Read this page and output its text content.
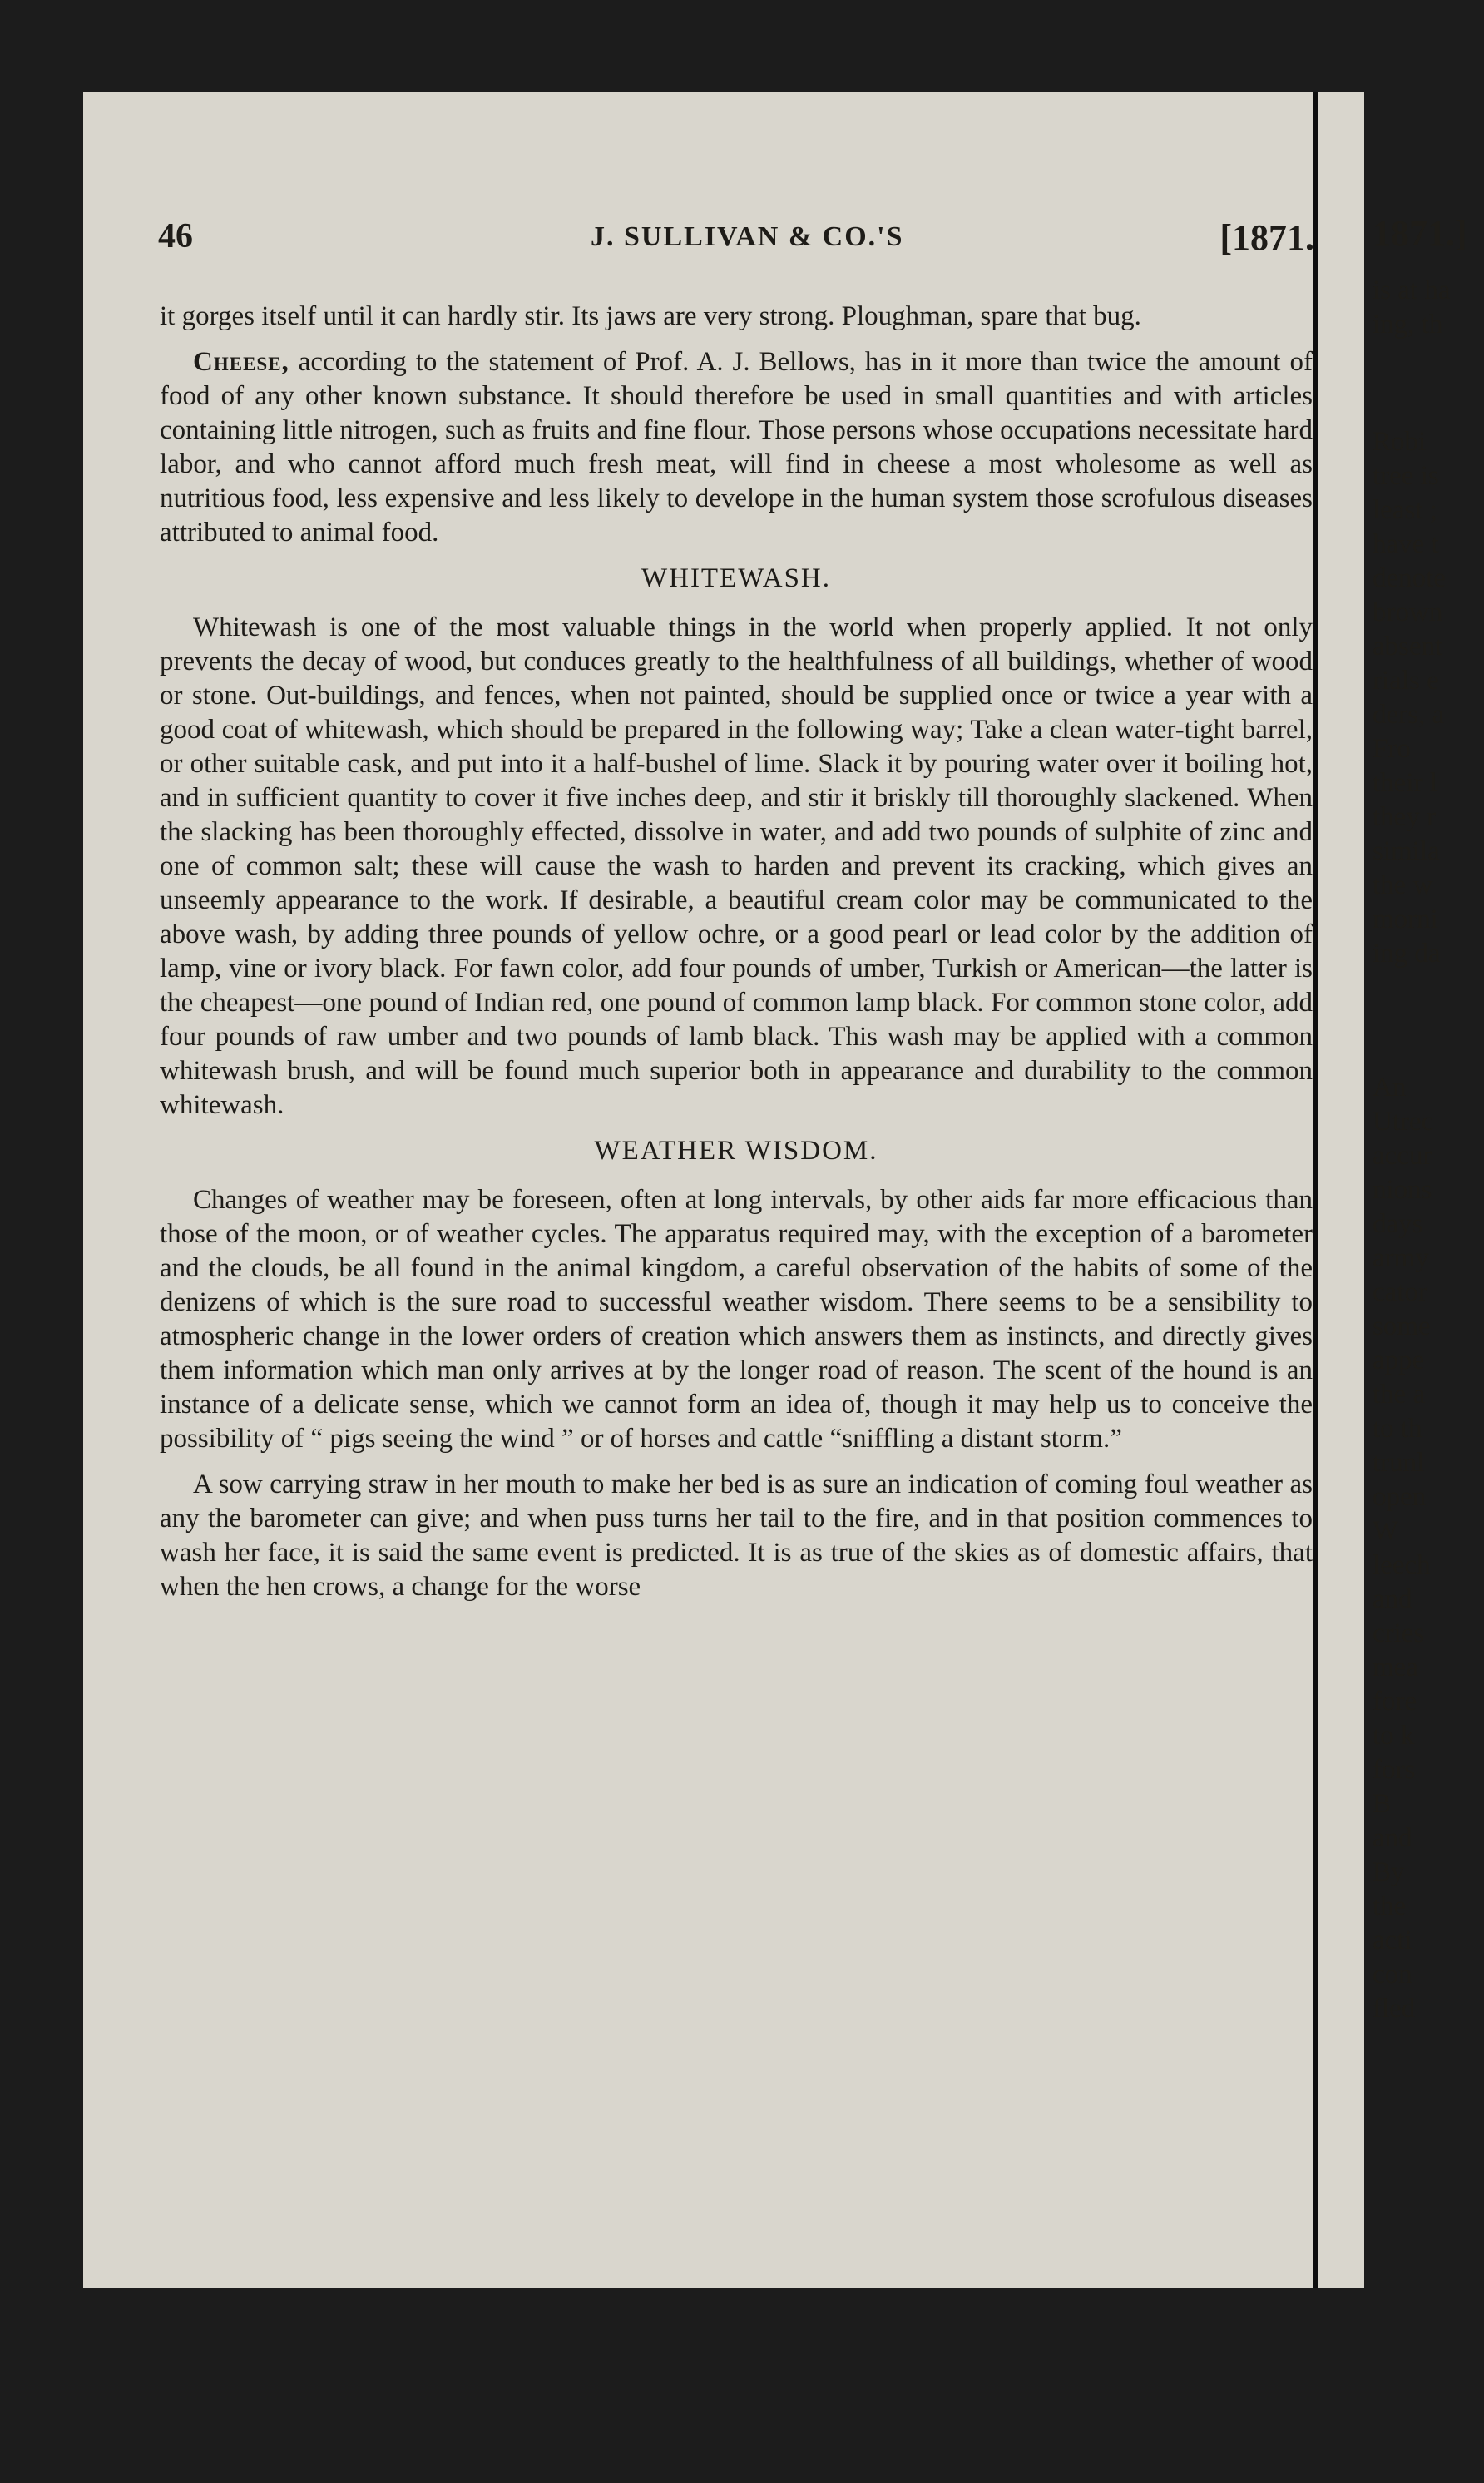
46	J. SULLIVAN & CO.'S	[1871.

it gorges itself until it can hardly stir. Its jaws are very strong. Ploughman, spare that bug.

Cheese, according to the statement of Prof. A. J. Bellows, has in it more than twice the amount of food of any other known substance. It should therefore be used in small quantities and with articles containing little nitrogen, such as fruits and fine flour. Those persons whose occupations necessitate hard labor, and who cannot afford much fresh meat, will find in cheese a most wholesome as well as nutritious food, less expensive and less likely to develope in the human system those scrofulous diseases attributed to animal food.

WHITEWASH.

Whitewash is one of the most valuable things in the world when properly applied. It not only prevents the decay of wood, but conduces greatly to the healthfulness of all buildings, whether of wood or stone. Out-buildings, and fences, when not painted, should be supplied once or twice a year with a good coat of whitewash, which should be prepared in the following way; Take a clean water-tight barrel, or other suitable cask, and put into it a half-bushel of lime. Slack it by pouring water over it boiling hot, and in sufficient quantity to cover it five inches deep, and stir it briskly till thoroughly slackened. When the slacking has been thoroughly effected, dissolve in water, and add two pounds of sulphite of zinc and one of common salt; these will cause the wash to harden and prevent its cracking, which gives an unseemly appearance to the work. If desirable, a beautiful cream color may be communicated to the above wash, by adding three pounds of yellow ochre, or a good pearl or lead color by the addition of lamp, vine or ivory black. For fawn color, add four pounds of umber, Turkish or American—the latter is the cheapest—one pound of Indian red, one pound of common lamp black. For common stone color, add four pounds of raw umber and two pounds of lamb black. This wash may be applied with a common whitewash brush, and will be found much superior both in appearance and durability to the common whitewash.

WEATHER WISDOM.

Changes of weather may be foreseen, often at long intervals, by other aids far more efficacious than those of the moon, or of weather cycles. The apparatus required may, with the exception of a barometer and the clouds, be all found in the animal kingdom, a careful observation of the habits of some of the denizens of which is the sure road to successful weather wisdom. There seems to be a sensibility to atmospheric change in the lower orders of creation which answers them as instincts, and directly gives them information which man only arrives at by the longer road of reason. The scent of the hound is an instance of a delicate sense, which we cannot form an idea of, though it may help us to conceive the possibility of “ pigs seeing the wind ” or of horses and cattle “sniffling a distant storm.”

A sow carrying straw in her mouth to make her bed is as sure an indication of coming foul weather as any the barometer can give; and when puss turns her tail to the fire, and in that position commences to wash her face, it is said the same event is predicted. It is as true of the skies as of domestic affairs, that when the hen crows, a change for the worse

1871.]
is at ha
ing, th
Robi
tree is
least ;
have t
denote
brown
absent
rials e
ders, a
Fro
their l
they r
simila
the w
morni
ing da
An
Utrec
accur
nions
days
army
cator
some
appe
the a
to th
trunl
open
W
leech
and
cries
mea
fore
to k
fors
B
and
By
the
acti
con
fled
